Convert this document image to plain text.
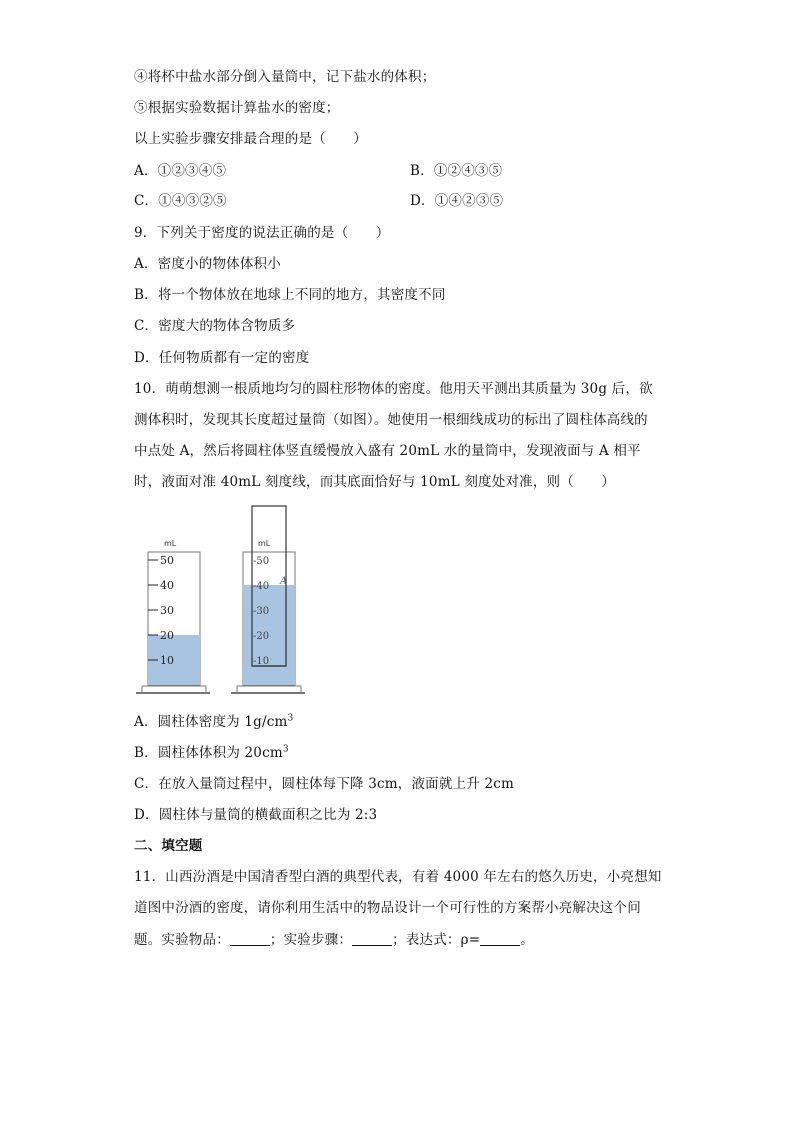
④将杯中盐水部分倒入量筒中，记下盐水的体积；
⑤根据实验数据计算盐水的密度；
以上实验步骤安排最合理的是（　　）
A．①②③④⑤	B．①②④③⑤
C．①④③②⑤	D．①④②③⑤
9．下列关于密度的说法正确的是（　　）
A．密度小的物体体积小
B．将一个物体放在地球上不同的地方，其密度不同
C．密度大的物体含物质多
D．任何物质都有一定的密度
10．萌萌想测一根质地均匀的圆柱形物体的密度。他用天平测出其质量为 30g 后，欲
测体积时，发现其长度超过量筒（如图）。她使用一根细线成功的标出了圆柱体高线的
中点处 A，然后将圆柱体竖直缓慢放入盛有 20mL 水的量筒中，发现液面与 A 相平
时，液面对准 40mL 刻度线，而其底面恰好与 10mL 刻度处对准，则（　　）
mL
50
40
30
20
10
mL
A
-50
-40
-30
-20
-10
A．圆柱体密度为 $1g/cm^3$
B．圆柱体体积为 $20cm^3$
C．在放入量筒过程中，圆柱体每下降 3cm，液面就上升 2cm
D．圆柱体与量筒的横截面积之比为 2:3
二、填空题
11．山西汾酒是中国清香型白酒的典型代表，有着 4000 年左右的悠久历史，小亮想知
道图中汾酒的密度，请你利用生活中的物品设计一个可行性的方案帮小亮解决这个问
题。实验物品：	；实验步骤：	；表达式：ρ=	。
